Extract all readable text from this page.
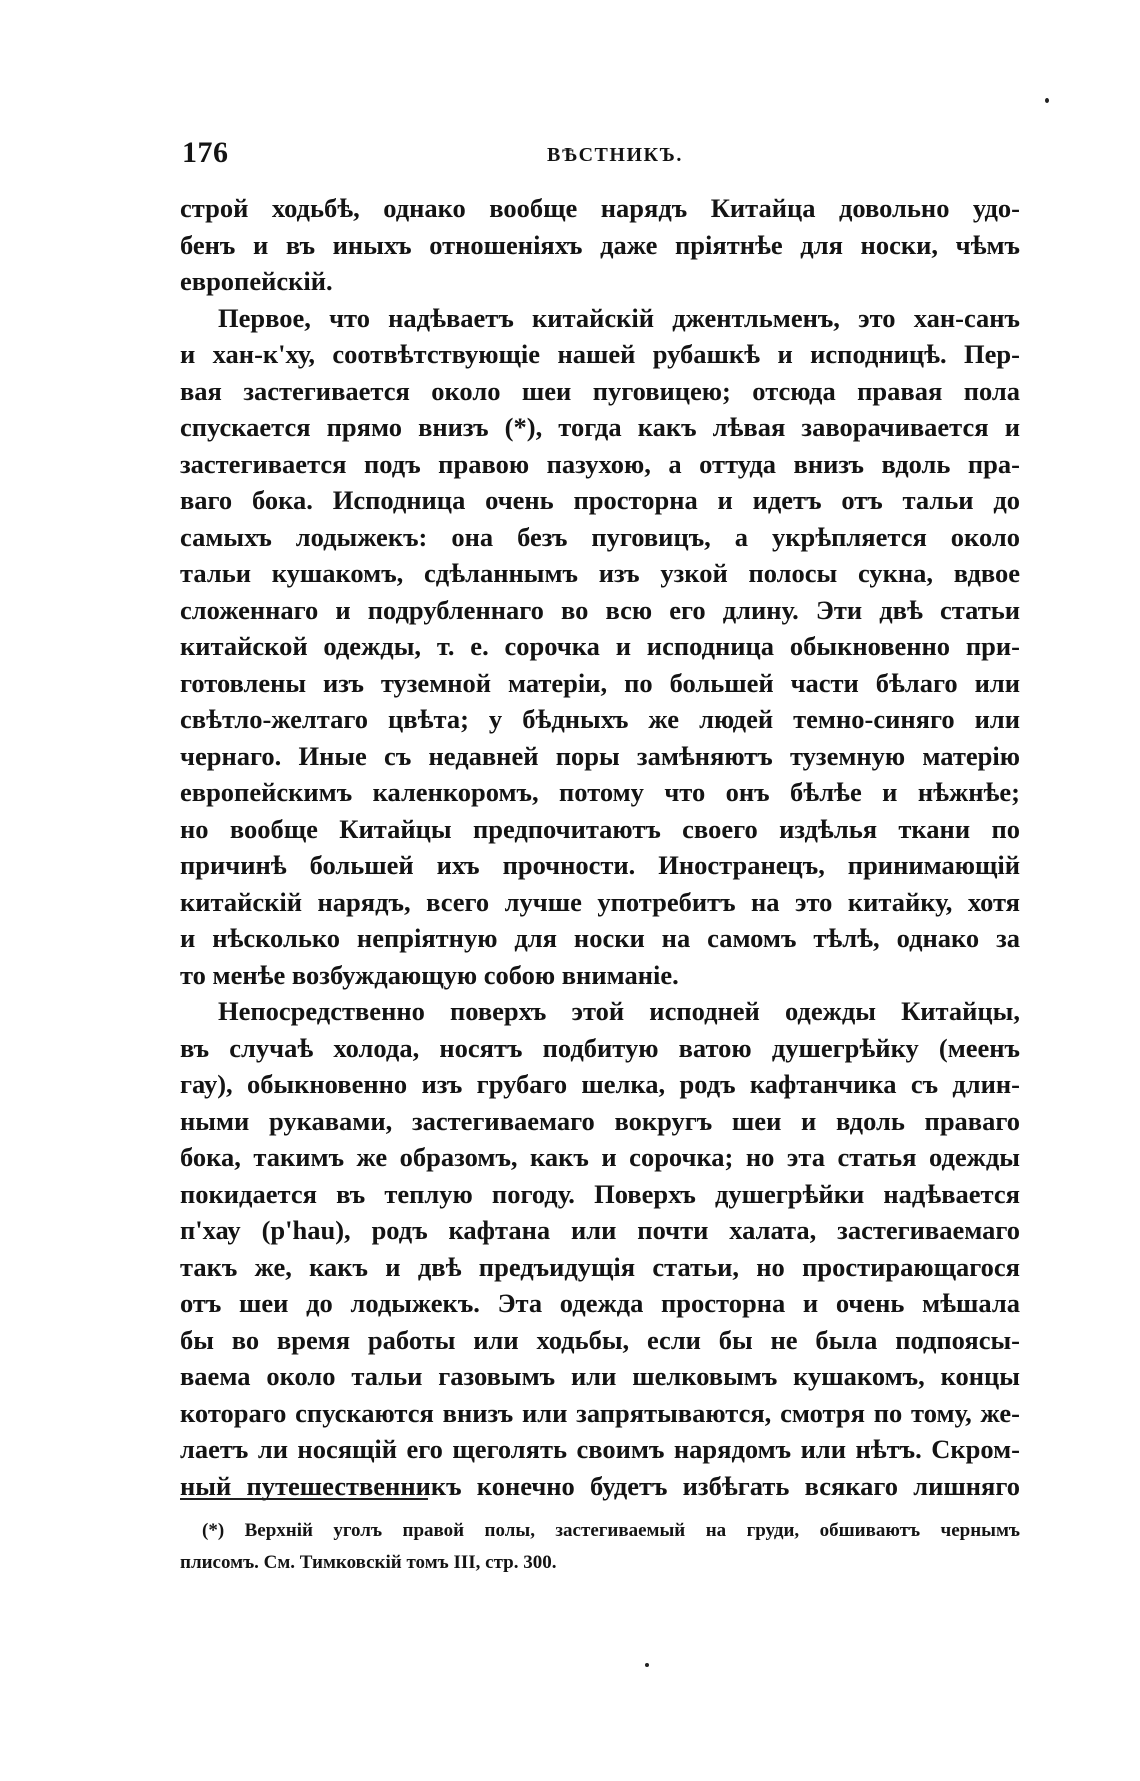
176	ВѢСТНИКЪ.
строй ходьбѣ, однако вообще нарядъ Китайца довольно удо-
бенъ и въ иныхъ отношеніяхъ даже пріятнѣе для носки, чѣмъ
европейскій.
Первое, что надѣваетъ китайскій джентльменъ, это хан-санъ
и хан-к'ху, соотвѣтствующіе нашей рубашкѣ и исподницѣ. Пер-
вая застегивается около шеи пуговицею; отсюда правая пола
спускается прямо внизъ (*), тогда какъ лѣвая заворачивается и
застегивается подъ правою пазухою, а оттуда внизъ вдоль пра-
ваго бока. Исподница очень просторна и идетъ отъ тальи до
самыхъ лодыжекъ: она безъ пуговицъ, а укрѣпляется около
тальи кушакомъ, сдѣланнымъ изъ узкой полосы сукна, вдвое
сложеннаго и подрубленнаго во всю его длину. Эти двѣ статьи
китайской одежды, т. е. сорочка и исподница обыкновенно при-
готовлены изъ туземной матеріи, по большей части бѣлаго или
свѣтло-желтаго цвѣта; у бѣдныхъ же людей темно-синяго или
чернаго. Иные съ недавней поры замѣняютъ туземную матерію
европейскимъ каленкоромъ, потому что онъ бѣлѣе и нѣжнѣе;
но вообще Китайцы предпочитаютъ своего издѣлья ткани по
причинѣ большей ихъ прочности. Иностранецъ, принимающій
китайскій нарядъ, всего лучше употребитъ на это китайку, хотя
и нѣсколько непріятную для носки на самомъ тѣлѣ, однако за
то менѣе возбуждающую собою вниманіе.
Непосредственно поверхъ этой исподней одежды Китайцы,
въ случаѣ холода, носятъ подбитую ватою душегрѣйку (меенъ
гау), обыкновенно изъ грубаго шелка, родъ кафтанчика съ длин-
ными рукавами, застегиваемаго вокругъ шеи и вдоль праваго
бока, такимъ же образомъ, какъ и сорочка; но эта статья одежды
покидается въ теплую погоду. Поверхъ душегрѣйки надѣвается
п'хау (p'hau), родъ кафтана или почти халата, застегиваемаго
такъ же, какъ и двѣ предъидущія статьи, но простирающагося
отъ шеи до лодыжекъ. Эта одежда просторна и очень мѣшала
бы во время работы или ходьбы, если бы не была подпоясы-
ваема около тальи газовымъ или шелковымъ кушакомъ, концы
котораго спускаются внизъ или запрятываются, смотря по тому, же-
лаетъ ли носящій его щеголять своимъ нарядомъ или нѣтъ. Скром-
ный путешественникъ конечно будетъ избѣгать всякаго лишняго
(*) Верхній уголъ правой полы, застегиваемый на груди, обшиваютъ чернымъ
плисомъ. См. Тимковскій томъ III, стр. 300.
